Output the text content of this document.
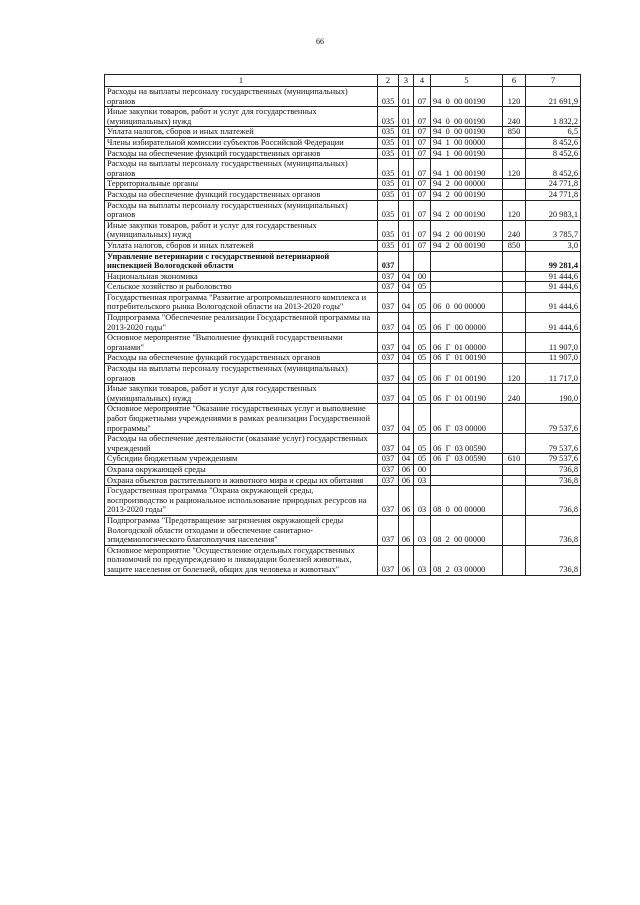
66
1	2	3	4	5	6	7
Расходы на выплаты персоналу государственных (муниципальных) органов	035	01	07	94  0  00 00190	120	21 691,9
Иные закупки товаров, работ и услуг для государственных (муниципальных) нужд	035	01	07	94  0  00 00190	240	1 832,2
Уплата налогов, сборов и иных платежей	035	01	07	94  0  00 00190	850	6,5
Члены избирательной комиссии субъектов Российской Федерации	035	01	07	94  1  00 00000		8 452,6
Расходы на обеспечение функций государственных органов	035	01	07	94  1  00 00190		8 452,6
Расходы на выплаты персоналу государственных (муниципальных) органов	035	01	07	94  1  00 00190	120	8 452,6
Территориальные органы	035	01	07	94  2  00 00000		24 771,8
Расходы на обеспечение функций государственных органов	035	01	07	94  2  00 00190		24 771,8
Расходы на выплаты персоналу государственных (муниципальных) органов	035	01	07	94  2  00 00190	120	20 983,1
Иные закупки товаров, работ и услуг для государственных (муниципальных) нужд	035	01	07	94  2  00 00190	240	3 785,7
Уплата налогов, сборов и иных платежей	035	01	07	94  2  00 00190	850	3,0
Управление ветеринарии с государственной ветеринарной инспекцией Вологодской области	037					99 281,4
Национальная экономика	037	04	00			91 444,6
Сельское хозяйство и рыболовство	037	04	05			91 444,6
Государственная программа "Развитие агропромышленного комплекса и потребительского рынка Вологодской области на 2013-2020 годы"	037	04	05	06  0  00 00000		91 444,6
Подпрограмма "Обеспечение реализации Государственной программы на 2013-2020 годы"	037	04	05	06  Г  00 00000		91 444,6
Основное мероприятие "Выполнение функций государственными органами"	037	04	05	06  Г  01 00000		11 907,0
Расходы на обеспечение функций государственных органов	037	04	05	06  Г  01 00190		11 907,0
Расходы на выплаты персоналу государственных (муниципальных) органов	037	04	05	06  Г  01 00190	120	11 717,0
Иные закупки товаров, работ и услуг для государственных (муниципальных) нужд	037	04	05	06  Г  01 00190	240	190,0
Основное мероприятие "Оказание государственных услуг и выполнение работ бюджетными учреждениями в рамках реализации Государственной программы"	037	04	05	06  Г  03 00000		79 537,6
Расходы на обеспечение деятельности (оказание услуг) государственных учреждений	037	04	05	06  Г  03 00590		79 537,6
Субсидии бюджетным учреждениям	037	04	05	06  Г  03 00590	610	79 537,6
Охрана окружающей среды	037	06	00			736,8
Охрана объектов растительного и животного мира и среды их обитания	037	06	03			736,8
Государственная программа "Охрана окружающей среды, воспроизводство и рациональное использование природных ресурсов на 2013-2020 годы"	037	06	03	08  0  00 00000		736,8
Подпрограмма "Предотвращение загрязнения окружающей среды Вологодской области отходами и обеспечение санитарно-эпидемиологического благополучия населения"	037	06	03	08  2  00 00000		736,8
Основное мероприятие "Осуществление отдельных государственных полномочий по предупреждению и ликвидации болезней животных, защите населения от болезней, общих для человека и животных"	037	06	03	08  2  03 00000		736,8
